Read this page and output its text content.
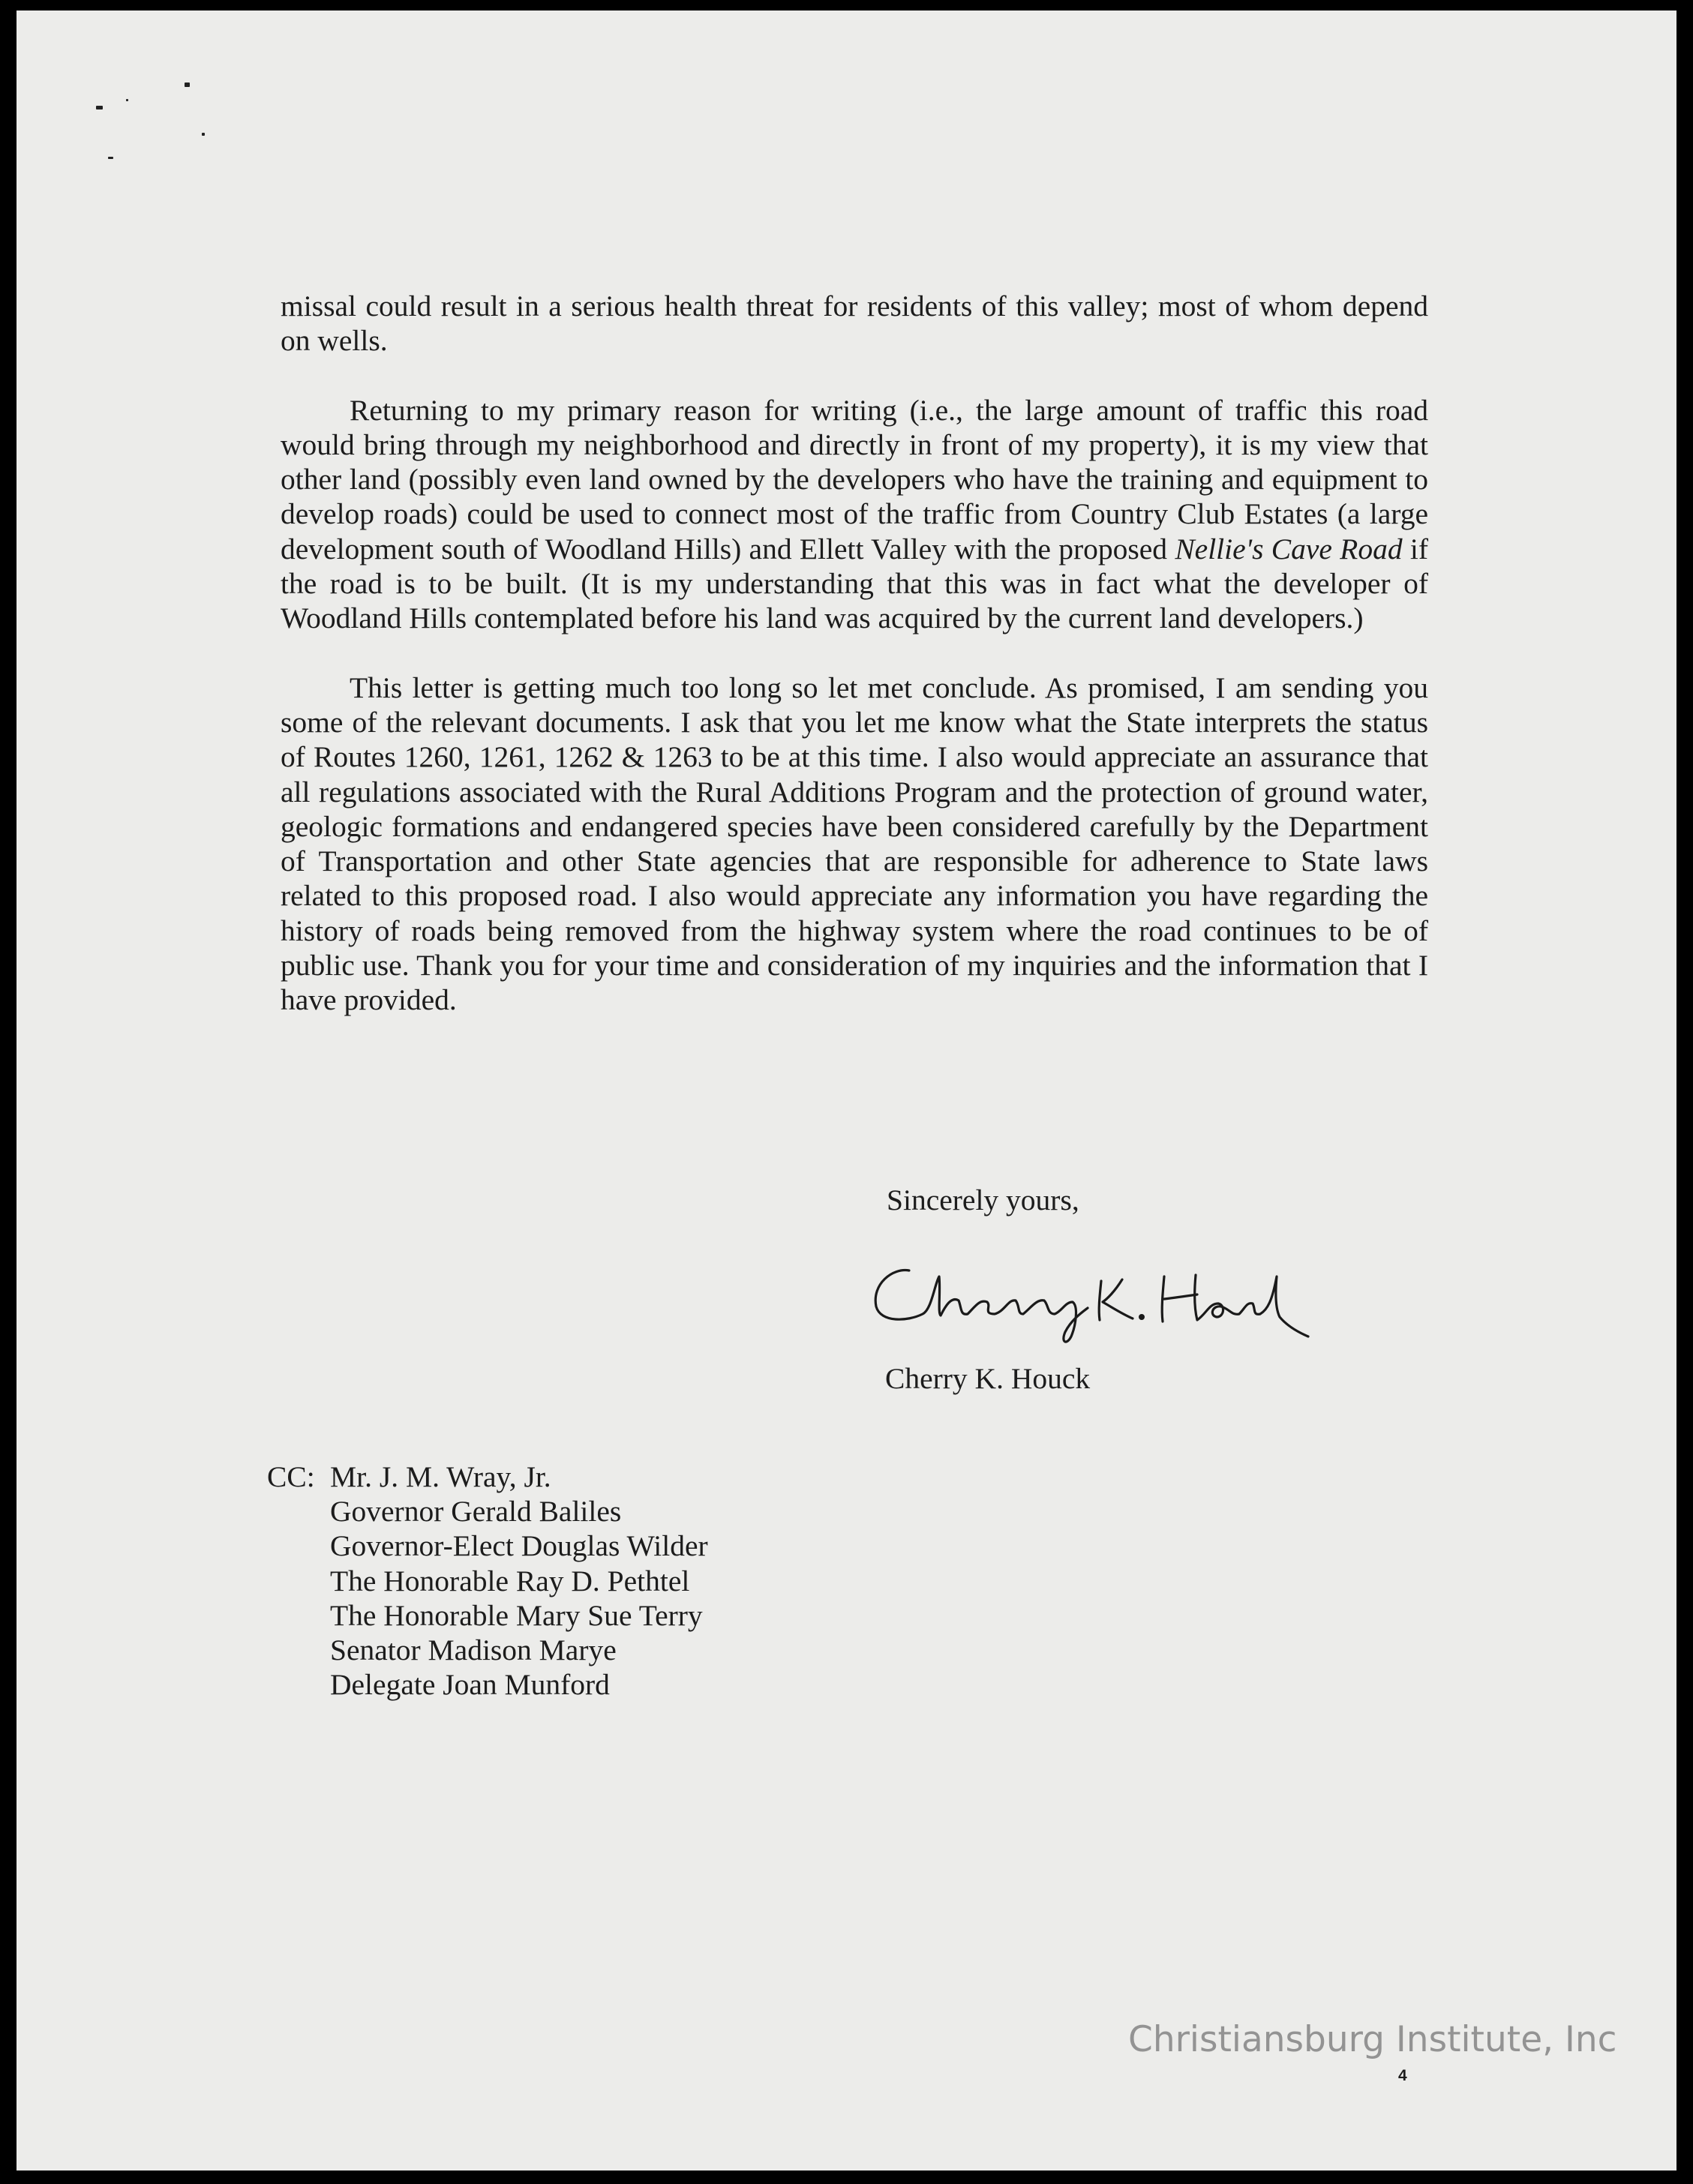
missal could result in a serious health threat for residents of this valley; most of whom depend on wells.

Returning to my primary reason for writing (i.e., the large amount of traffic this road would bring through my neighborhood and directly in front of my property), it is my view that other land (possibly even land owned by the developers who have the training and equipment to develop roads) could be used to connect most of the traffic from Country Club Estates (a large development south of Woodland Hills) and Ellett Valley with the proposed Nellie's Cave Road if the road is to be built. (It is my understanding that this was in fact what the developer of Woodland Hills contemplated before his land was acquired by the current land developers.)

This letter is getting much too long so let met conclude. As promised, I am sending you some of the relevant documents. I ask that you let me know what the State interprets the status of Routes 1260, 1261, 1262 & 1263 to be at this time. I also would appreciate an assurance that all regulations associated with the Rural Additions Program and the protection of ground water, geologic formations and endangered species have been considered carefully by the Department of Transportation and other State agencies that are responsible for adherence to State laws related to this proposed road. I also would appreciate any information you have regarding the history of roads being removed from the highway system where the road continues to be of public use. Thank you for your time and consideration of my inquiries and the information that I have provided.

Sincerely yours,
Cherry K. Houck
CC: Mr. J. M. Wray, Jr.
Governor Gerald Baliles
Governor-Elect Douglas Wilder
The Honorable Ray D. Pethtel
The Honorable Mary Sue Terry
Senator Madison Marye
Delegate Joan Munford
Christiansburg Institute, Inc
4
